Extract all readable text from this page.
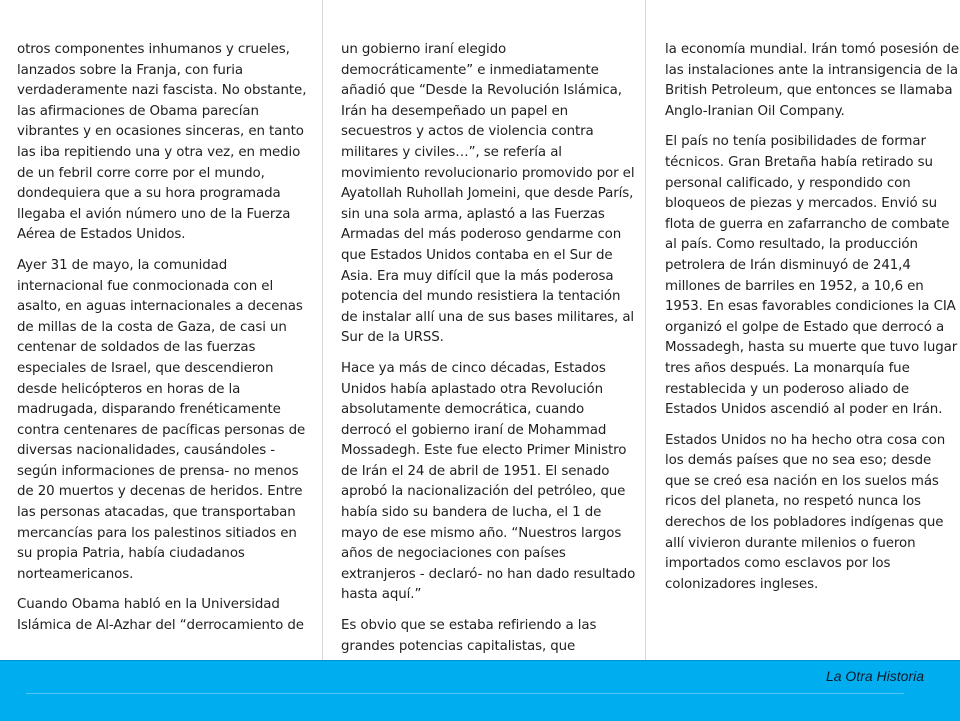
otros componentes inhumanos y crueles, lanzados sobre la Franja, con furia verdaderamente nazi fascista. No obstante, las afirmaciones de Obama parecían vibrantes y en ocasiones sinceras, en tanto las iba repitiendo una y otra vez, en medio de un febril corre corre por el mundo, dondequiera que a su hora programada llegaba el avión número uno de la Fuerza Aérea de Estados Unidos.

Ayer 31 de mayo, la comunidad internacional fue conmocionada con el asalto, en aguas internacionales a decenas de millas de la costa de Gaza, de casi un centenar de soldados de las fuerzas especiales de Israel, que descendieron desde helicópteros en horas de la madrugada, disparando frenéticamente contra centenares de pacíficas personas de diversas nacionalidades, causándoles -según informaciones de prensa- no menos de 20 muertos y decenas de heridos. Entre las personas atacadas, que transportaban mercancías para los palestinos sitiados en su propia Patria, había ciudadanos norteamericanos.

Cuando Obama habló en la Universidad Islámica de Al-Azhar del “derrocamiento de

un gobierno iraní elegido democráticamente” e inmediatamente añadió que “Desde la Revolución Islámica, Irán ha desempeñado un papel en secuestros y actos de violencia contra militares y civiles…”, se refería al movimiento revolucionario promovido por el Ayatollah Ruhollah Jomeini, que desde París, sin una sola arma, aplastó a las Fuerzas Armadas del más poderoso gendarme con que Estados Unidos contaba en el Sur de Asia. Era muy difícil que la más poderosa potencia del mundo resistiera la tentación de instalar allí una de sus bases militares, al Sur de la URSS.

Hace ya más de cinco décadas, Estados Unidos había aplastado otra Revolución absolutamente democrática, cuando derrocó el gobierno iraní de Mohammad Mossadegh. Este fue electo Primer Ministro de Irán el 24 de abril de 1951. El senado aprobó la nacionalización del petróleo, que había sido su bandera de lucha, el 1 de mayo de ese mismo año. “Nuestros largos años de negociaciones con países extranjeros - declaró- no han dado resultado hasta aquí.”

Es obvio que se estaba refiriendo a las grandes potencias capitalistas, que

la economía mundial. Irán tomó posesión de las instalaciones ante la intransigencia de la British Petroleum, que entonces se llamaba Anglo-Iranian Oil Company.

El país no tenía posibilidades de formar técnicos. Gran Bretaña había retirado su personal calificado, y respondido con bloqueos de piezas y mercados. Envió su flota de guerra en zafarrancho de combate al país. Como resultado, la producción petrolera de Irán disminuyó de 241,4 millones de barriles en 1952, a 10,6 en 1953. En esas favorables condiciones la CIA organizó el golpe de Estado que derrocó a Mossadegh, hasta su muerte que tuvo lugar tres años después. La monarquía fue restablecida y un poderoso aliado de Estados Unidos ascendió al poder en Irán.

Estados Unidos no ha hecho otra cosa con los demás países que no sea eso; desde que se creó esa nación en los suelos más ricos del planeta, no respetó nunca los derechos de los pobladores indígenas que allí vivieron durante milenios o fueron importados como esclavos por los colonizadores ingleses.

La Otra Historia
